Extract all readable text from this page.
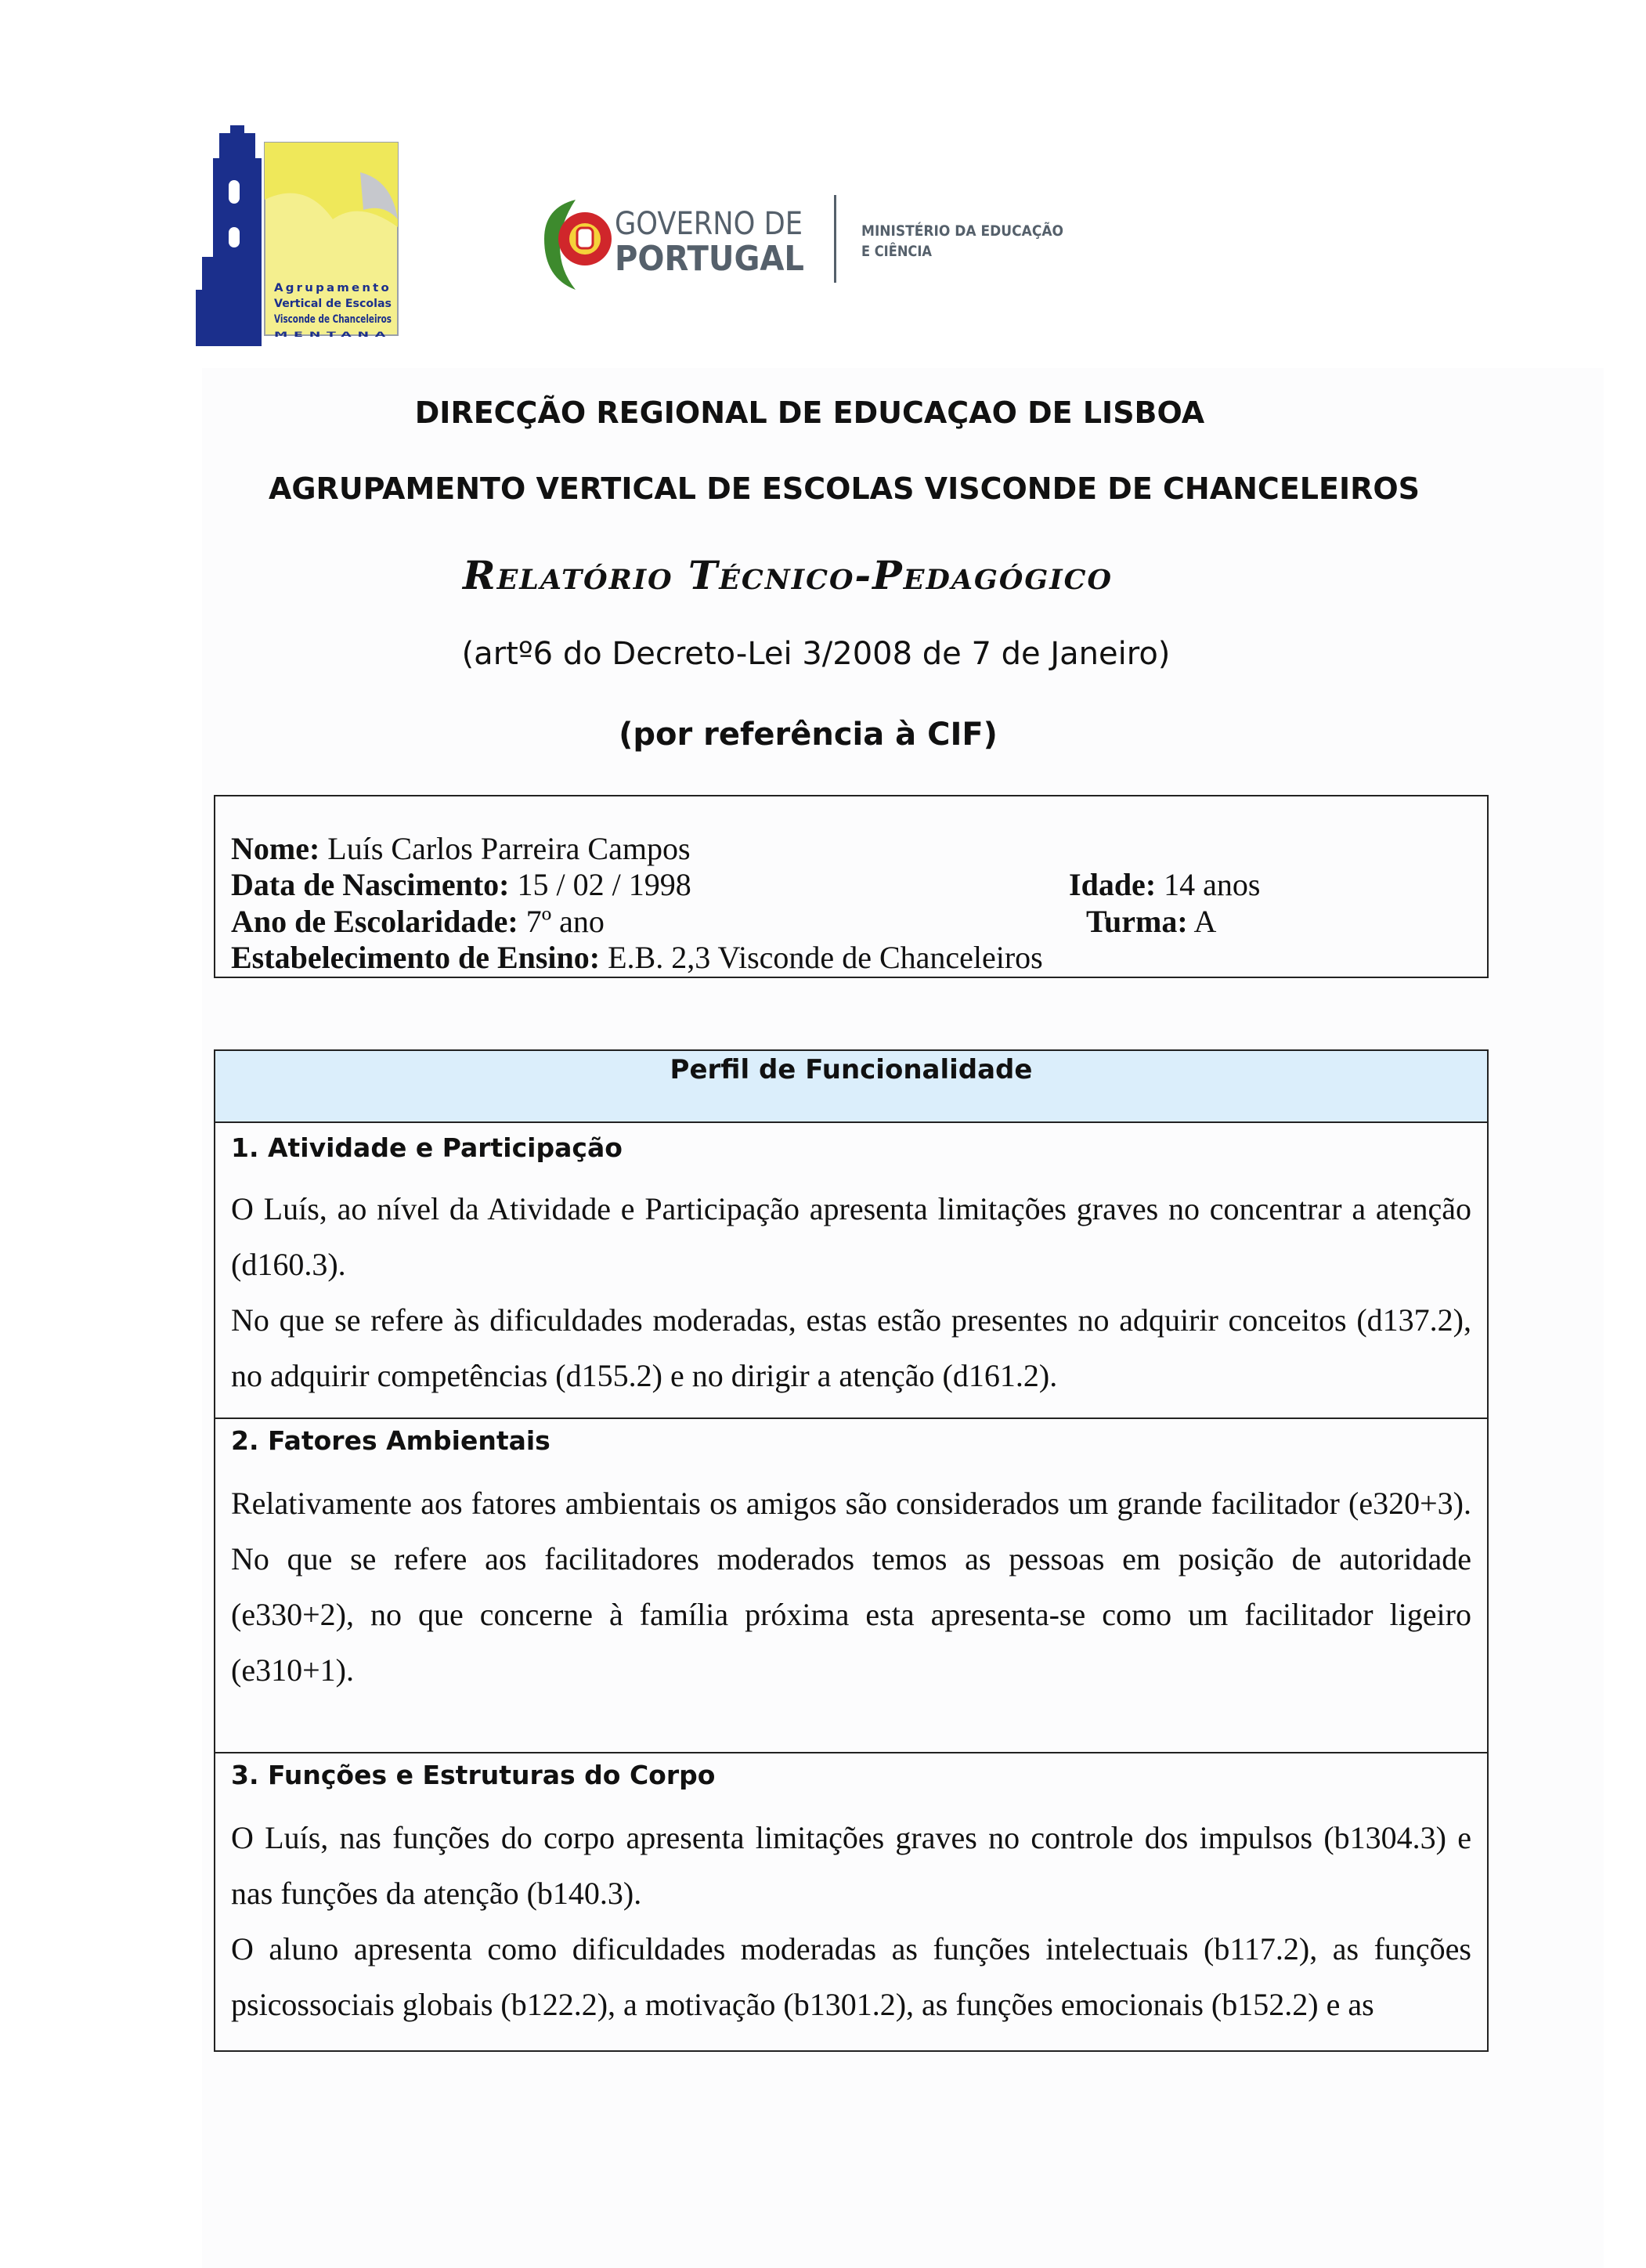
Agrupamento
Vertical de Escolas
Visconde de Chanceleiros
MENTANA
GOVERNO DE
PORTUGAL
MINISTÉRIO DA EDUCAÇÃO
E CIÊNCIA
DIRECÇÃO REGIONAL DE EDUCAÇAO DE LISBOA
AGRUPAMENTO VERTICAL DE ESCOLAS VISCONDE DE CHANCELEIROS
Relatório Técnico-Pedagógico
(artº6 do Decreto-Lei 3/2008 de 7 de Janeiro)
(por referência à CIF)
Nome: Luís Carlos Parreira Campos
Data de Nascimento: 15 / 02 / 1998	Idade: 14 anos
Ano de Escolaridade: 7º ano	Turma: A
Estabelecimento de Ensino: E.B. 2,3 Visconde de Chanceleiros
Perfil de Funcionalidade
1. Atividade e Participação

O Luís, ao nível da Atividade e Participação apresenta limitações graves no concentrar a atenção (d160.3).

No que se refere às dificuldades moderadas, estas estão presentes no adquirir conceitos (d137.2), no adquirir competências (d155.2) e no dirigir a atenção (d161.2).

2. Fatores Ambientais

Relativamente aos fatores ambientais os amigos são considerados um grande facilitador (e320+3). No que se refere aos facilitadores moderados temos as pessoas em posição de autoridade (e330+2), no que concerne à família próxima esta apresenta-se como um facilitador ligeiro (e310+1).

3. Funções e Estruturas do Corpo

O Luís, nas funções do corpo apresenta limitações graves no controle dos impulsos (b1304.3) e nas funções da atenção (b140.3).

O aluno apresenta como dificuldades moderadas as funções intelectuais (b117.2), as funções psicossociais globais (b122.2), a motivação (b1301.2), as funções emocionais (b152.2) e as
